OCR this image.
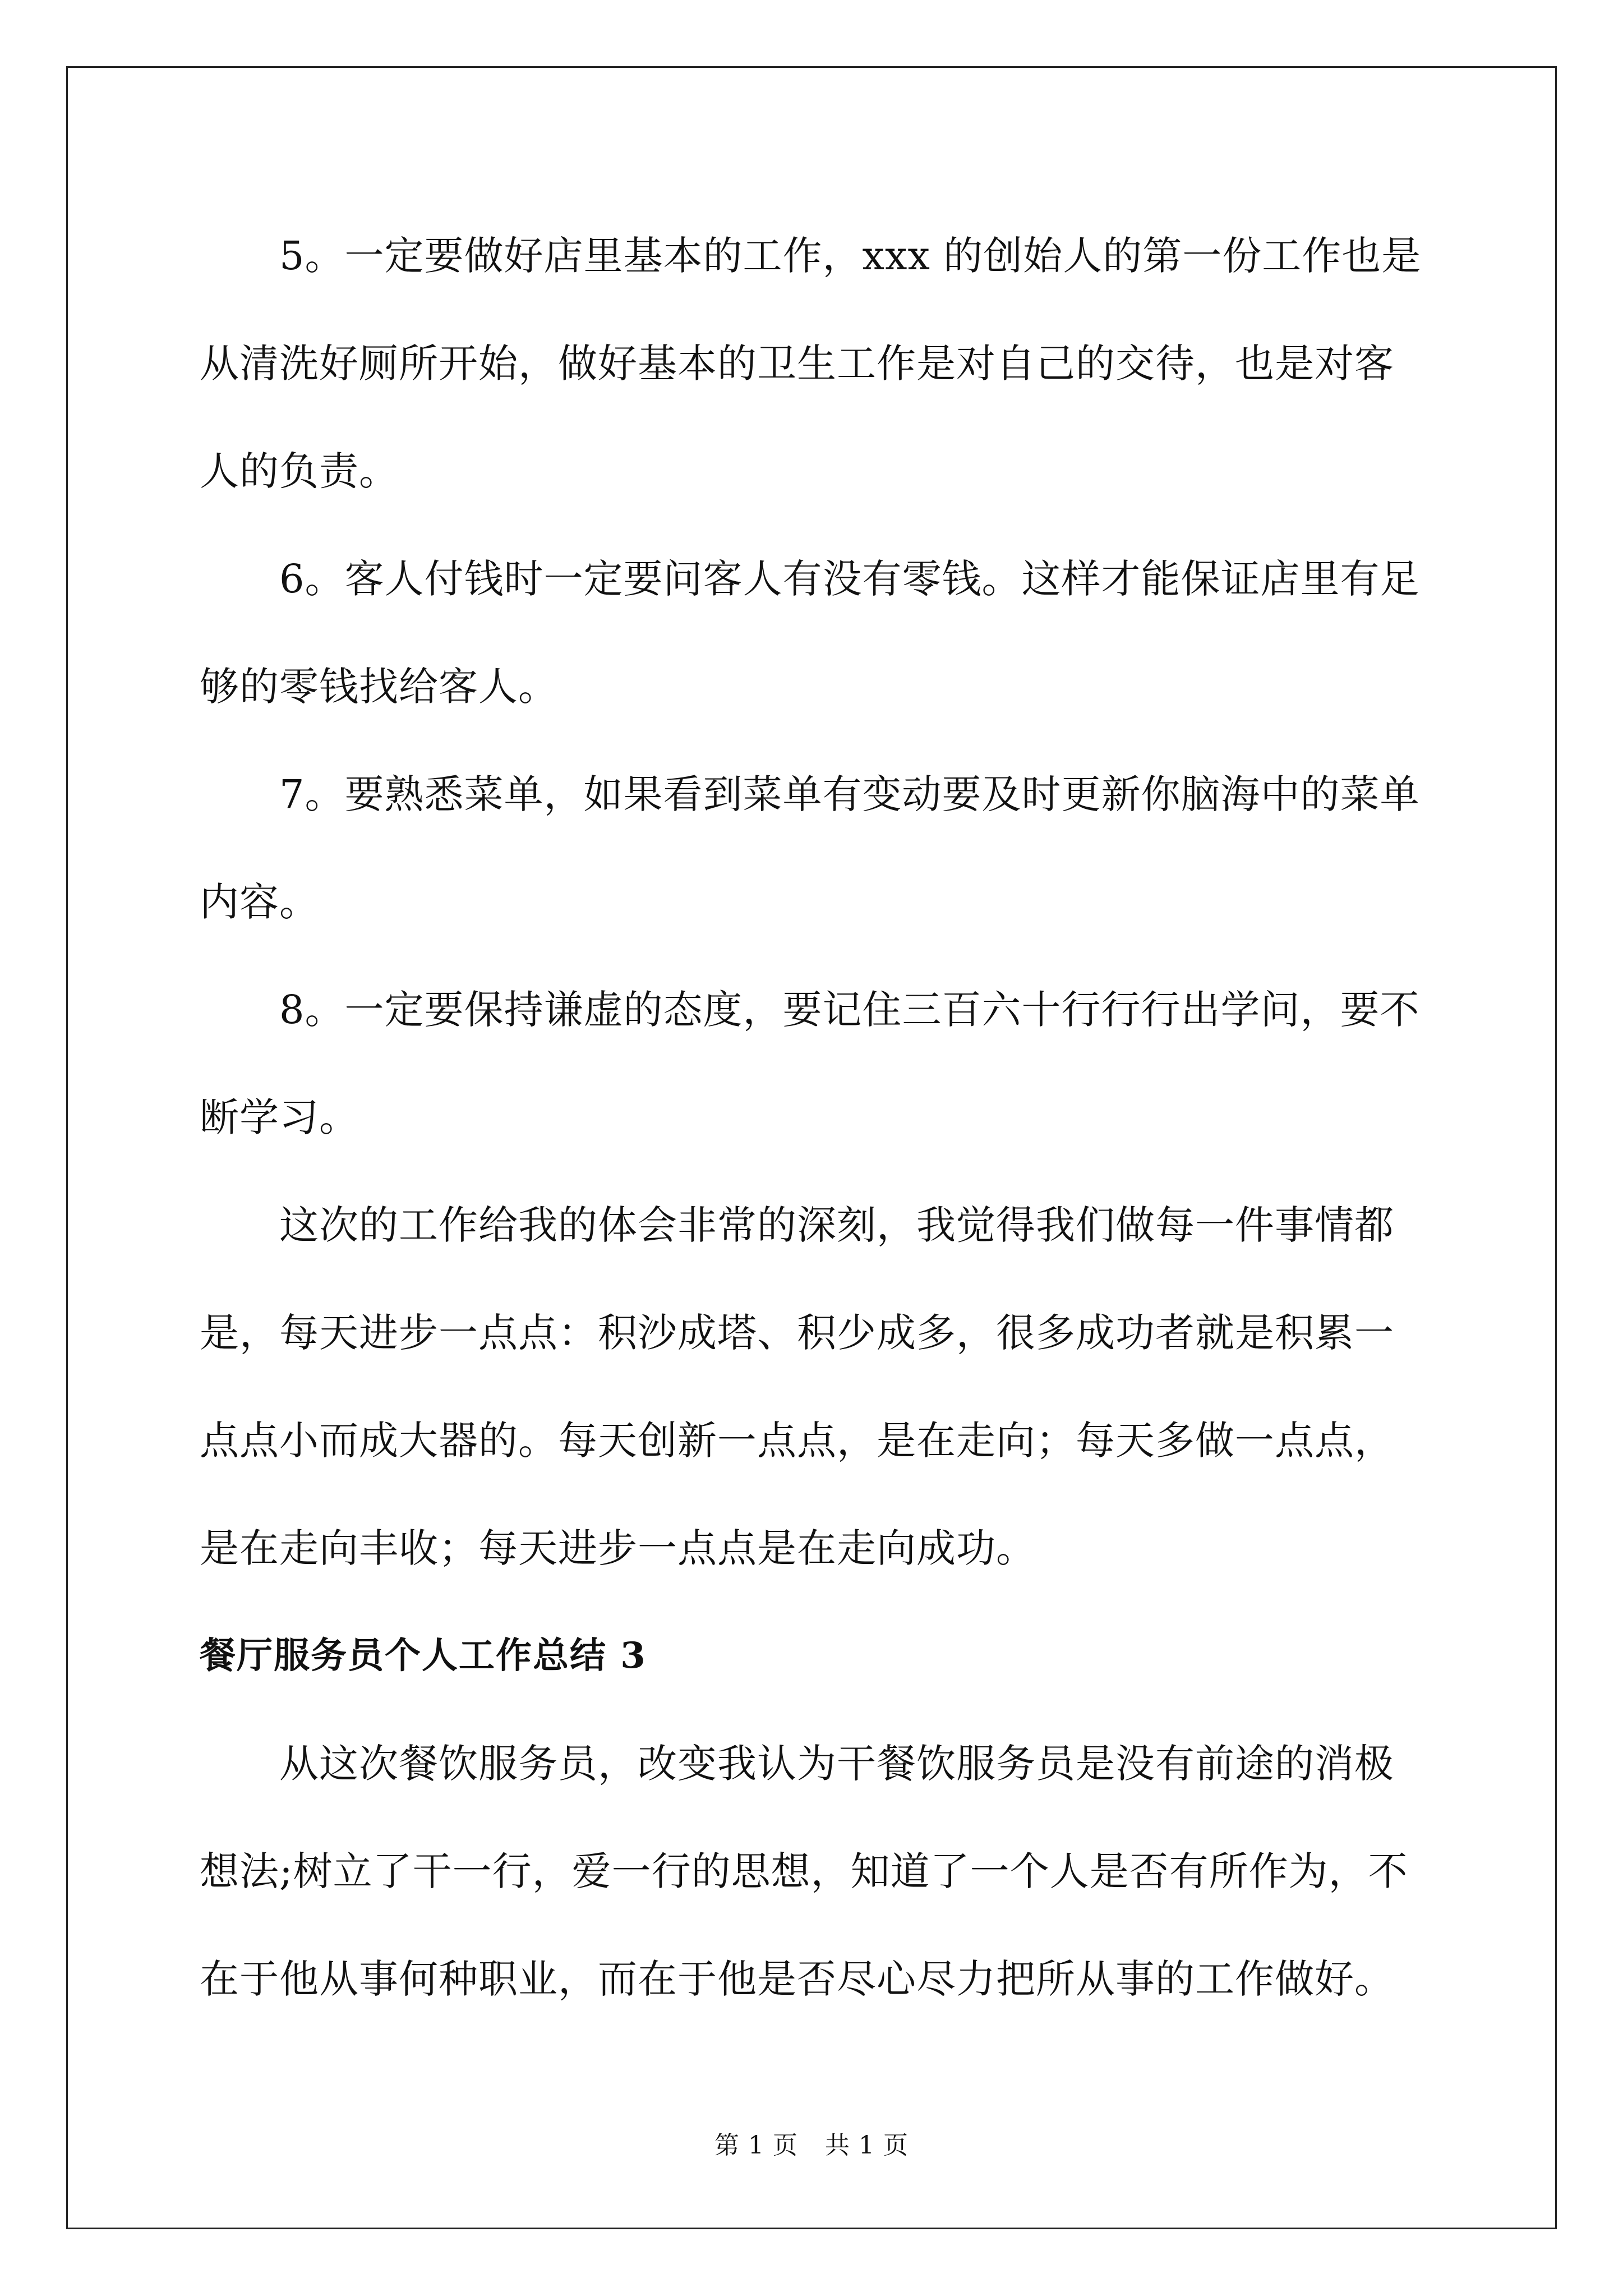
5。一定要做好店里基本的工作，xxx 的创始人的第一份工作也是
从清洗好厕所开始，做好基本的卫生工作是对自己的交待，也是对客
人的负责。

6。客人付钱时一定要问客人有没有零钱。这样才能保证店里有足
够的零钱找给客人。

7。要熟悉菜单，如果看到菜单有变动要及时更新你脑海中的菜单
内容。

8。一定要保持谦虚的态度，要记住三百六十行行行出学问，要不
断学习。

这次的工作给我的体会非常的深刻，我觉得我们做每一件事情都
是，每天进步一点点：积沙成塔、积少成多，很多成功者就是积累一
点点小而成大器的。每天创新一点点，是在走向；每天多做一点点，
是在走向丰收；每天进步一点点是在走向成功。

餐厅服务员个人工作总结 3

从这次餐饮服务员，改变我认为干餐饮服务员是没有前途的消极
想法;树立了干一行，爱一行的思想，知道了一个人是否有所作为，不
在于他从事何种职业，而在于他是否尽心尽力把所从事的工作做好。

第 1 页 共 1 页
